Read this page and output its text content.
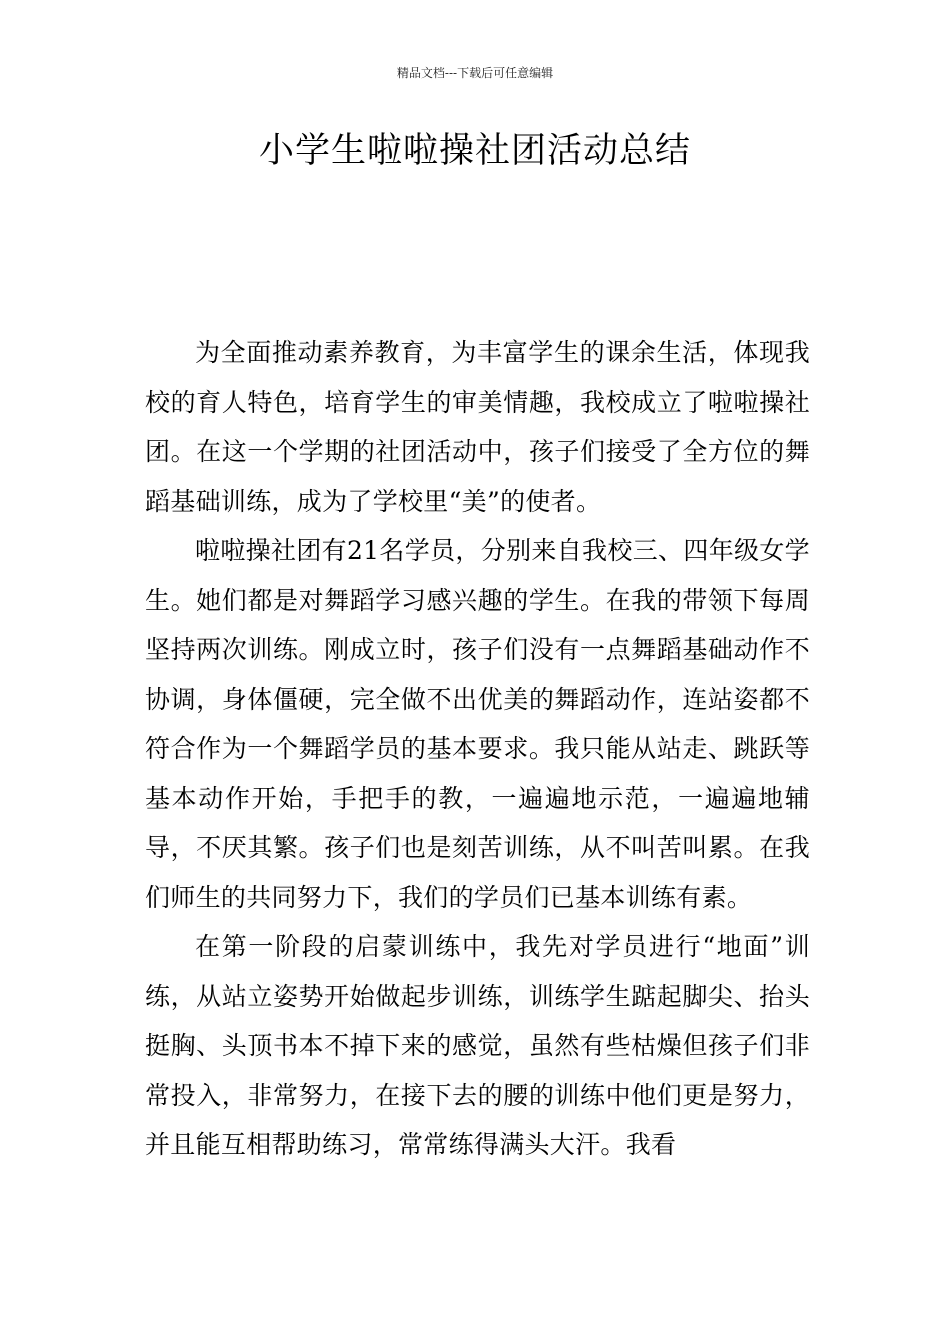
精品文档---下载后可任意编辑
小学生啦啦操社团活动总结

为全面推动素养教育，为丰富学生的课余生活，体现我校的育人特色，培育学生的审美情趣，我校成立了啦啦操社团。在这一个学期的社团活动中，孩子们接受了全方位的舞蹈基础训练，成为了学校里“美”的使者。

啦啦操社团有21名学员，分别来自我校三、四年级女学生。她们都是对舞蹈学习感兴趣的学生。在我的带领下每周坚持两次训练。刚成立时，孩子们没有一点舞蹈基础动作不协调，身体僵硬，完全做不出优美的舞蹈动作，连站姿都不符合作为一个舞蹈学员的基本要求。我只能从站走、跳跃等基本动作开始，手把手的教，一遍遍地示范，一遍遍地辅导，不厌其繁。孩子们也是刻苦训练，从不叫苦叫累。在我们师生的共同努力下，我们的学员们已基本训练有素。

在第一阶段的启蒙训练中，我先对学员进行“地面”训练，从站立姿势开始做起步训练，训练学生踮起脚尖、抬头挺胸、头顶书本不掉下来的感觉，虽然有些枯燥但孩子们非常投入，非常努力，在接下去的腰的训练中他们更是努力，并且能互相帮助练习，常常练得满头大汗。我看
